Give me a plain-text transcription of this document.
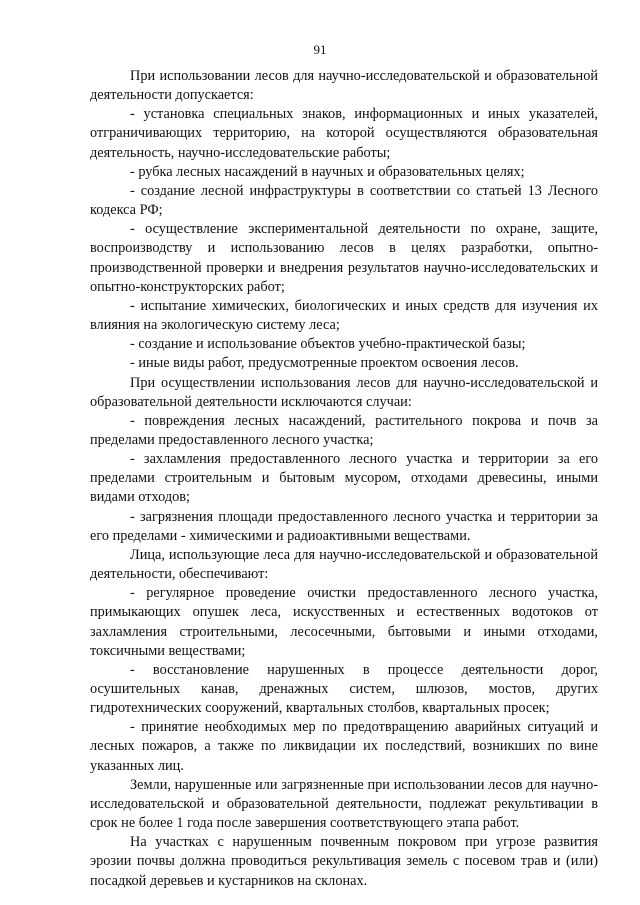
91

При использовании лесов для научно-исследовательской и образовательной деятельности допускается:

- установка специальных знаков, информационных и иных указателей, отграничивающих территорию, на которой осуществляются образовательная деятельность, научно-исследовательские работы;

- рубка лесных насаждений в научных и образовательных целях;

- создание лесной инфраструктуры в соответствии со статьей 13 Лесного кодекса РФ;

- осуществление экспериментальной деятельности по охране, защите, воспроизводству и использованию лесов в целях разработки, опытно-производственной проверки и внедрения результатов научно-исследовательских и опытно-конструкторских работ;

- испытание химических, биологических и иных средств для изучения их влияния на экологическую систему леса;

- создание и использование объектов учебно-практической базы;

- иные виды работ, предусмотренные проектом освоения лесов.

При осуществлении использования лесов для научно-исследовательской и образовательной деятельности исключаются случаи:

- повреждения лесных насаждений, растительного покрова и почв за пределами предоставленного лесного участка;

- захламления предоставленного лесного участка и территории за его пределами строительным и бытовым мусором, отходами древесины, иными видами отходов;

- загрязнения площади предоставленного лесного участка и территории за его пределами - химическими и радиоактивными веществами.

Лица, использующие леса для научно-исследовательской и образовательной деятельности, обеспечивают:

- регулярное проведение очистки предоставленного лесного участка, примыкающих опушек леса, искусственных и естественных водотоков от захламления строительными, лесосечными, бытовыми и иными отходами, токсичными веществами;

- восстановление нарушенных в процессе деятельности дорог, осушительных канав, дренажных систем, шлюзов, мостов, других гидротехнических сооружений, квартальных столбов, квартальных просек;

- принятие необходимых мер по предотвращению аварийных ситуаций и лесных пожаров, а также по ликвидации их последствий, возникших по вине указанных лиц.

Земли, нарушенные или загрязненные при использовании лесов для научно-исследовательской и образовательной деятельности, подлежат рекультивации в срок не более 1 года после завершения соответствующего этапа работ.

На участках с нарушенным почвенным покровом при угрозе развития эрозии почвы должна проводиться рекультивация земель с посевом трав и (или) посадкой деревьев и кустарников на склонах.
